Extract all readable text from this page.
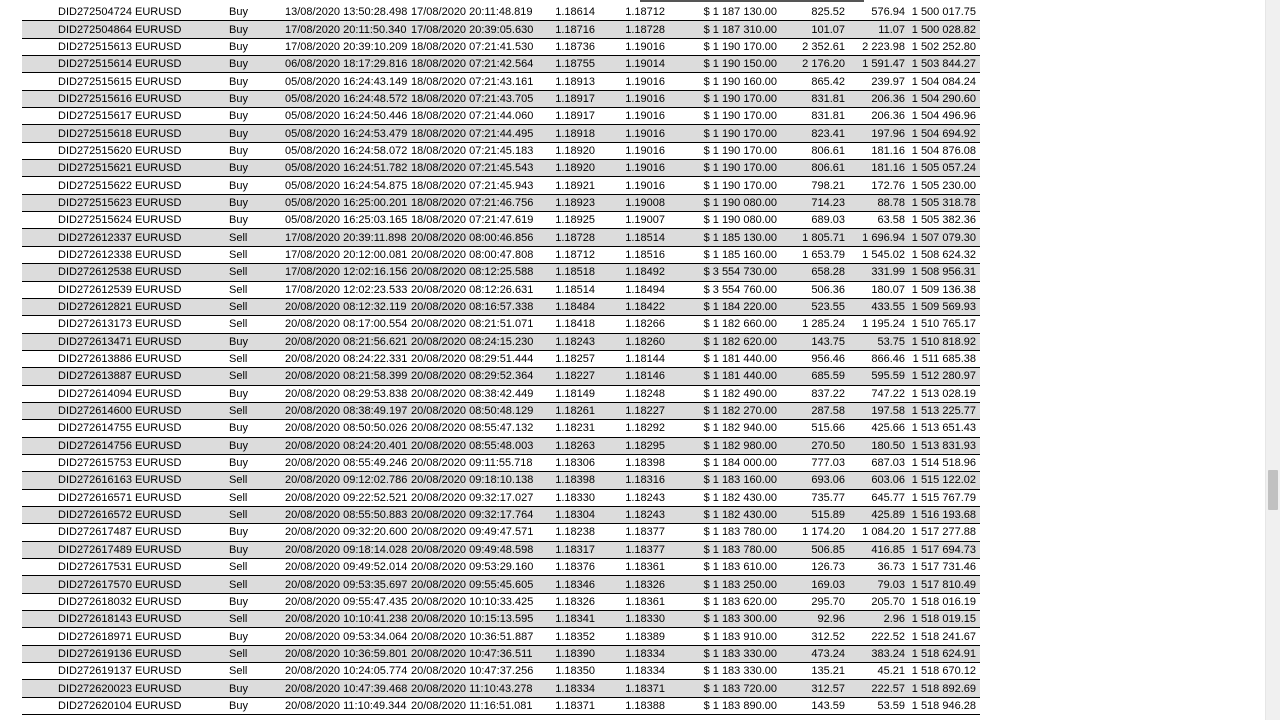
DID272504724	EURUSD	Buy	13/08/2020 13:50:28.498	17/08/2020 20:11:48.819	1.18614	1.18712	$ 1 187 130.00	825.52	576.94	1 500 017.75
DID272504864	EURUSD	Buy	17/08/2020 20:11:50.340	17/08/2020 20:39:05.630	1.18716	1.18728	$ 1 187 310.00	101.07	11.07	1 500 028.82
DID272515613	EURUSD	Buy	17/08/2020 20:39:10.209	18/08/2020 07:21:41.530	1.18736	1.19016	$ 1 190 170.00	2 352.61	2 223.98	1 502 252.80
DID272515614	EURUSD	Buy	06/08/2020 18:17:29.816	18/08/2020 07:21:42.564	1.18755	1.19014	$ 1 190 150.00	2 176.20	1 591.47	1 503 844.27
DID272515615	EURUSD	Buy	05/08/2020 16:24:43.149	18/08/2020 07:21:43.161	1.18913	1.19016	$ 1 190 160.00	865.42	239.97	1 504 084.24
DID272515616	EURUSD	Buy	05/08/2020 16:24:48.572	18/08/2020 07:21:43.705	1.18917	1.19016	$ 1 190 170.00	831.81	206.36	1 504 290.60
DID272515617	EURUSD	Buy	05/08/2020 16:24:50.446	18/08/2020 07:21:44.060	1.18917	1.19016	$ 1 190 170.00	831.81	206.36	1 504 496.96
DID272515618	EURUSD	Buy	05/08/2020 16:24:53.479	18/08/2020 07:21:44.495	1.18918	1.19016	$ 1 190 170.00	823.41	197.96	1 504 694.92
DID272515620	EURUSD	Buy	05/08/2020 16:24:58.072	18/08/2020 07:21:45.183	1.18920	1.19016	$ 1 190 170.00	806.61	181.16	1 504 876.08
DID272515621	EURUSD	Buy	05/08/2020 16:24:51.782	18/08/2020 07:21:45.543	1.18920	1.19016	$ 1 190 170.00	806.61	181.16	1 505 057.24
DID272515622	EURUSD	Buy	05/08/2020 16:24:54.875	18/08/2020 07:21:45.943	1.18921	1.19016	$ 1 190 170.00	798.21	172.76	1 505 230.00
DID272515623	EURUSD	Buy	05/08/2020 16:25:00.201	18/08/2020 07:21:46.756	1.18923	1.19008	$ 1 190 080.00	714.23	88.78	1 505 318.78
DID272515624	EURUSD	Buy	05/08/2020 16:25:03.165	18/08/2020 07:21:47.619	1.18925	1.19007	$ 1 190 080.00	689.03	63.58	1 505 382.36
DID272612337	EURUSD	Sell	17/08/2020 20:39:11.898	20/08/2020 08:00:46.856	1.18728	1.18514	$ 1 185 130.00	1 805.71	1 696.94	1 507 079.30
DID272612338	EURUSD	Sell	17/08/2020 20:12:00.081	20/08/2020 08:00:47.808	1.18712	1.18516	$ 1 185 160.00	1 653.79	1 545.02	1 508 624.32
DID272612538	EURUSD	Sell	17/08/2020 12:02:16.156	20/08/2020 08:12:25.588	1.18518	1.18492	$ 3 554 730.00	658.28	331.99	1 508 956.31
DID272612539	EURUSD	Sell	17/08/2020 12:02:23.533	20/08/2020 08:12:26.631	1.18514	1.18494	$ 3 554 760.00	506.36	180.07	1 509 136.38
DID272612821	EURUSD	Sell	20/08/2020 08:12:32.119	20/08/2020 08:16:57.338	1.18484	1.18422	$ 1 184 220.00	523.55	433.55	1 509 569.93
DID272613173	EURUSD	Sell	20/08/2020 08:17:00.554	20/08/2020 08:21:51.071	1.18418	1.18266	$ 1 182 660.00	1 285.24	1 195.24	1 510 765.17
DID272613471	EURUSD	Buy	20/08/2020 08:21:56.621	20/08/2020 08:24:15.230	1.18243	1.18260	$ 1 182 620.00	143.75	53.75	1 510 818.92
DID272613886	EURUSD	Sell	20/08/2020 08:24:22.331	20/08/2020 08:29:51.444	1.18257	1.18144	$ 1 181 440.00	956.46	866.46	1 511 685.38
DID272613887	EURUSD	Sell	20/08/2020 08:21:58.399	20/08/2020 08:29:52.364	1.18227	1.18146	$ 1 181 440.00	685.59	595.59	1 512 280.97
DID272614094	EURUSD	Buy	20/08/2020 08:29:53.838	20/08/2020 08:38:42.449	1.18149	1.18248	$ 1 182 490.00	837.22	747.22	1 513 028.19
DID272614600	EURUSD	Sell	20/08/2020 08:38:49.197	20/08/2020 08:50:48.129	1.18261	1.18227	$ 1 182 270.00	287.58	197.58	1 513 225.77
DID272614755	EURUSD	Buy	20/08/2020 08:50:50.026	20/08/2020 08:55:47.132	1.18231	1.18292	$ 1 182 940.00	515.66	425.66	1 513 651.43
DID272614756	EURUSD	Buy	20/08/2020 08:24:20.401	20/08/2020 08:55:48.003	1.18263	1.18295	$ 1 182 980.00	270.50	180.50	1 513 831.93
DID272615753	EURUSD	Buy	20/08/2020 08:55:49.246	20/08/2020 09:11:55.718	1.18306	1.18398	$ 1 184 000.00	777.03	687.03	1 514 518.96
DID272616163	EURUSD	Sell	20/08/2020 09:12:02.786	20/08/2020 09:18:10.138	1.18398	1.18316	$ 1 183 160.00	693.06	603.06	1 515 122.02
DID272616571	EURUSD	Sell	20/08/2020 09:22:52.521	20/08/2020 09:32:17.027	1.18330	1.18243	$ 1 182 430.00	735.77	645.77	1 515 767.79
DID272616572	EURUSD	Sell	20/08/2020 08:55:50.883	20/08/2020 09:32:17.764	1.18304	1.18243	$ 1 182 430.00	515.89	425.89	1 516 193.68
DID272617487	EURUSD	Buy	20/08/2020 09:32:20.600	20/08/2020 09:49:47.571	1.18238	1.18377	$ 1 183 780.00	1 174.20	1 084.20	1 517 277.88
DID272617489	EURUSD	Buy	20/08/2020 09:18:14.028	20/08/2020 09:49:48.598	1.18317	1.18377	$ 1 183 780.00	506.85	416.85	1 517 694.73
DID272617531	EURUSD	Sell	20/08/2020 09:49:52.014	20/08/2020 09:53:29.160	1.18376	1.18361	$ 1 183 610.00	126.73	36.73	1 517 731.46
DID272617570	EURUSD	Sell	20/08/2020 09:53:35.697	20/08/2020 09:55:45.605	1.18346	1.18326	$ 1 183 250.00	169.03	79.03	1 517 810.49
DID272618032	EURUSD	Buy	20/08/2020 09:55:47.435	20/08/2020 10:10:33.425	1.18326	1.18361	$ 1 183 620.00	295.70	205.70	1 518 016.19
DID272618143	EURUSD	Sell	20/08/2020 10:10:41.238	20/08/2020 10:15:13.595	1.18341	1.18330	$ 1 183 300.00	92.96	2.96	1 518 019.15
DID272618971	EURUSD	Buy	20/08/2020 09:53:34.064	20/08/2020 10:36:51.887	1.18352	1.18389	$ 1 183 910.00	312.52	222.52	1 518 241.67
DID272619136	EURUSD	Sell	20/08/2020 10:36:59.801	20/08/2020 10:47:36.511	1.18390	1.18334	$ 1 183 330.00	473.24	383.24	1 518 624.91
DID272619137	EURUSD	Sell	20/08/2020 10:24:05.774	20/08/2020 10:47:37.256	1.18350	1.18334	$ 1 183 330.00	135.21	45.21	1 518 670.12
DID272620023	EURUSD	Buy	20/08/2020 10:47:39.468	20/08/2020 11:10:43.278	1.18334	1.18371	$ 1 183 720.00	312.57	222.57	1 518 892.69
DID272620104	EURUSD	Buy	20/08/2020 11:10:49.344	20/08/2020 11:16:51.081	1.18371	1.18388	$ 1 183 890.00	143.59	53.59	1 518 946.28
